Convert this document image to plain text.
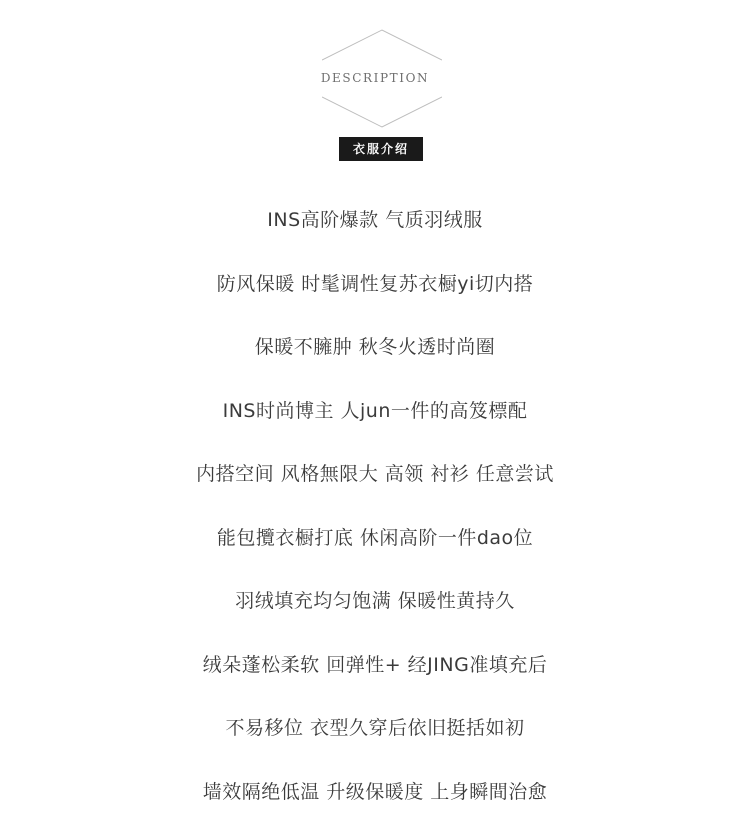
DESCRIPTION
衣服介绍
INS高阶爆款 气质羽绒服
防风保暖 时髦调性复苏衣橱yi切内搭
保暖不臃肿 秋冬火透时尚圈
INS时尚博主 人jun一件的高笈標配
内搭空间 风格無限大 高领 衬衫 任意尝试
能包攬衣橱打底 休闲高阶一件dao位
羽绒填充均匀饱满 保暖性黄持久
绒朵蓬松柔软 回弹性+ 经JING准填充后
不易移位 衣型久穿后依旧挺括如初
墙效隔绝低温 升级保暖度 上身瞬間治愈
